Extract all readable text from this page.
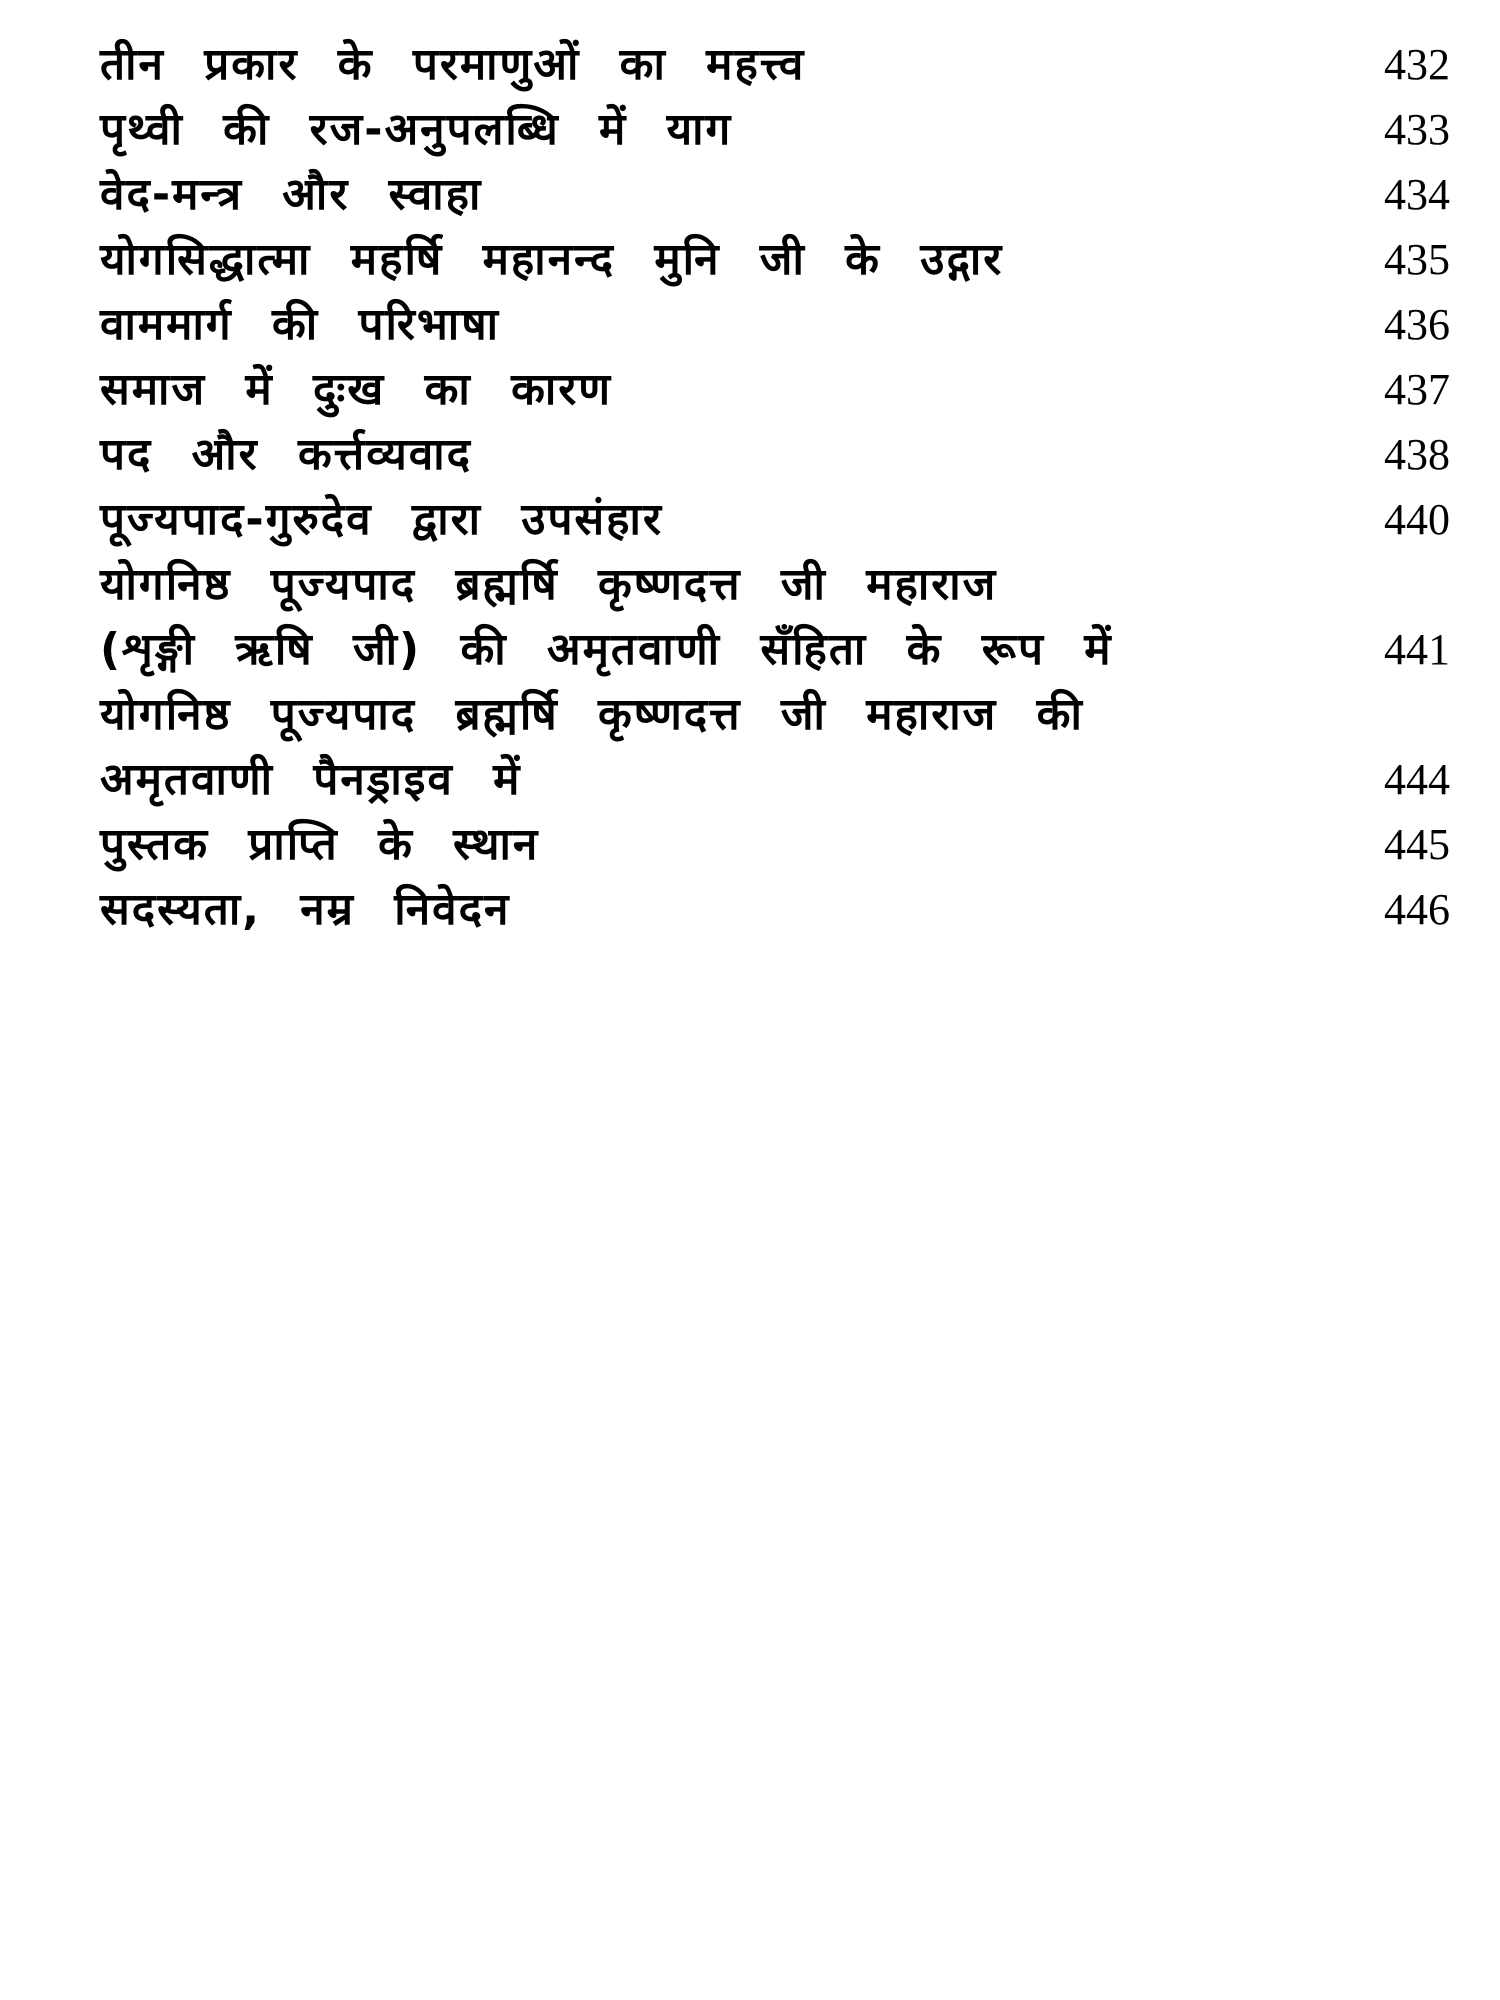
तीन प्रकार के परमाणुओं का महत्त्व	432
पृथ्वी की रज-अनुपलब्धि में याग	433
वेद-मन्त्र और स्वाहा	434
योगसिद्धात्मा महर्षि महानन्द मुनि जी के उद्गार	435
वाममार्ग की परिभाषा	436
समाज में दुःख का कारण	437
पद और कर्त्तव्यवाद	438
पूज्यपाद-गुरुदेव द्वारा उपसंहार	440
योगनिष्ठ पूज्यपाद ब्रह्मर्षि कृष्णदत्त जी महाराज
(शृङ्गी ऋषि जी) की अमृतवाणी सँहिता के रूप में	441
योगनिष्ठ पूज्यपाद ब्रह्मर्षि कृष्णदत्त जी महाराज की
अमृतवाणी पैनड्राइव में	444
पुस्तक प्राप्ति के स्थान	445
सदस्यता, नम्र निवेदन	446
